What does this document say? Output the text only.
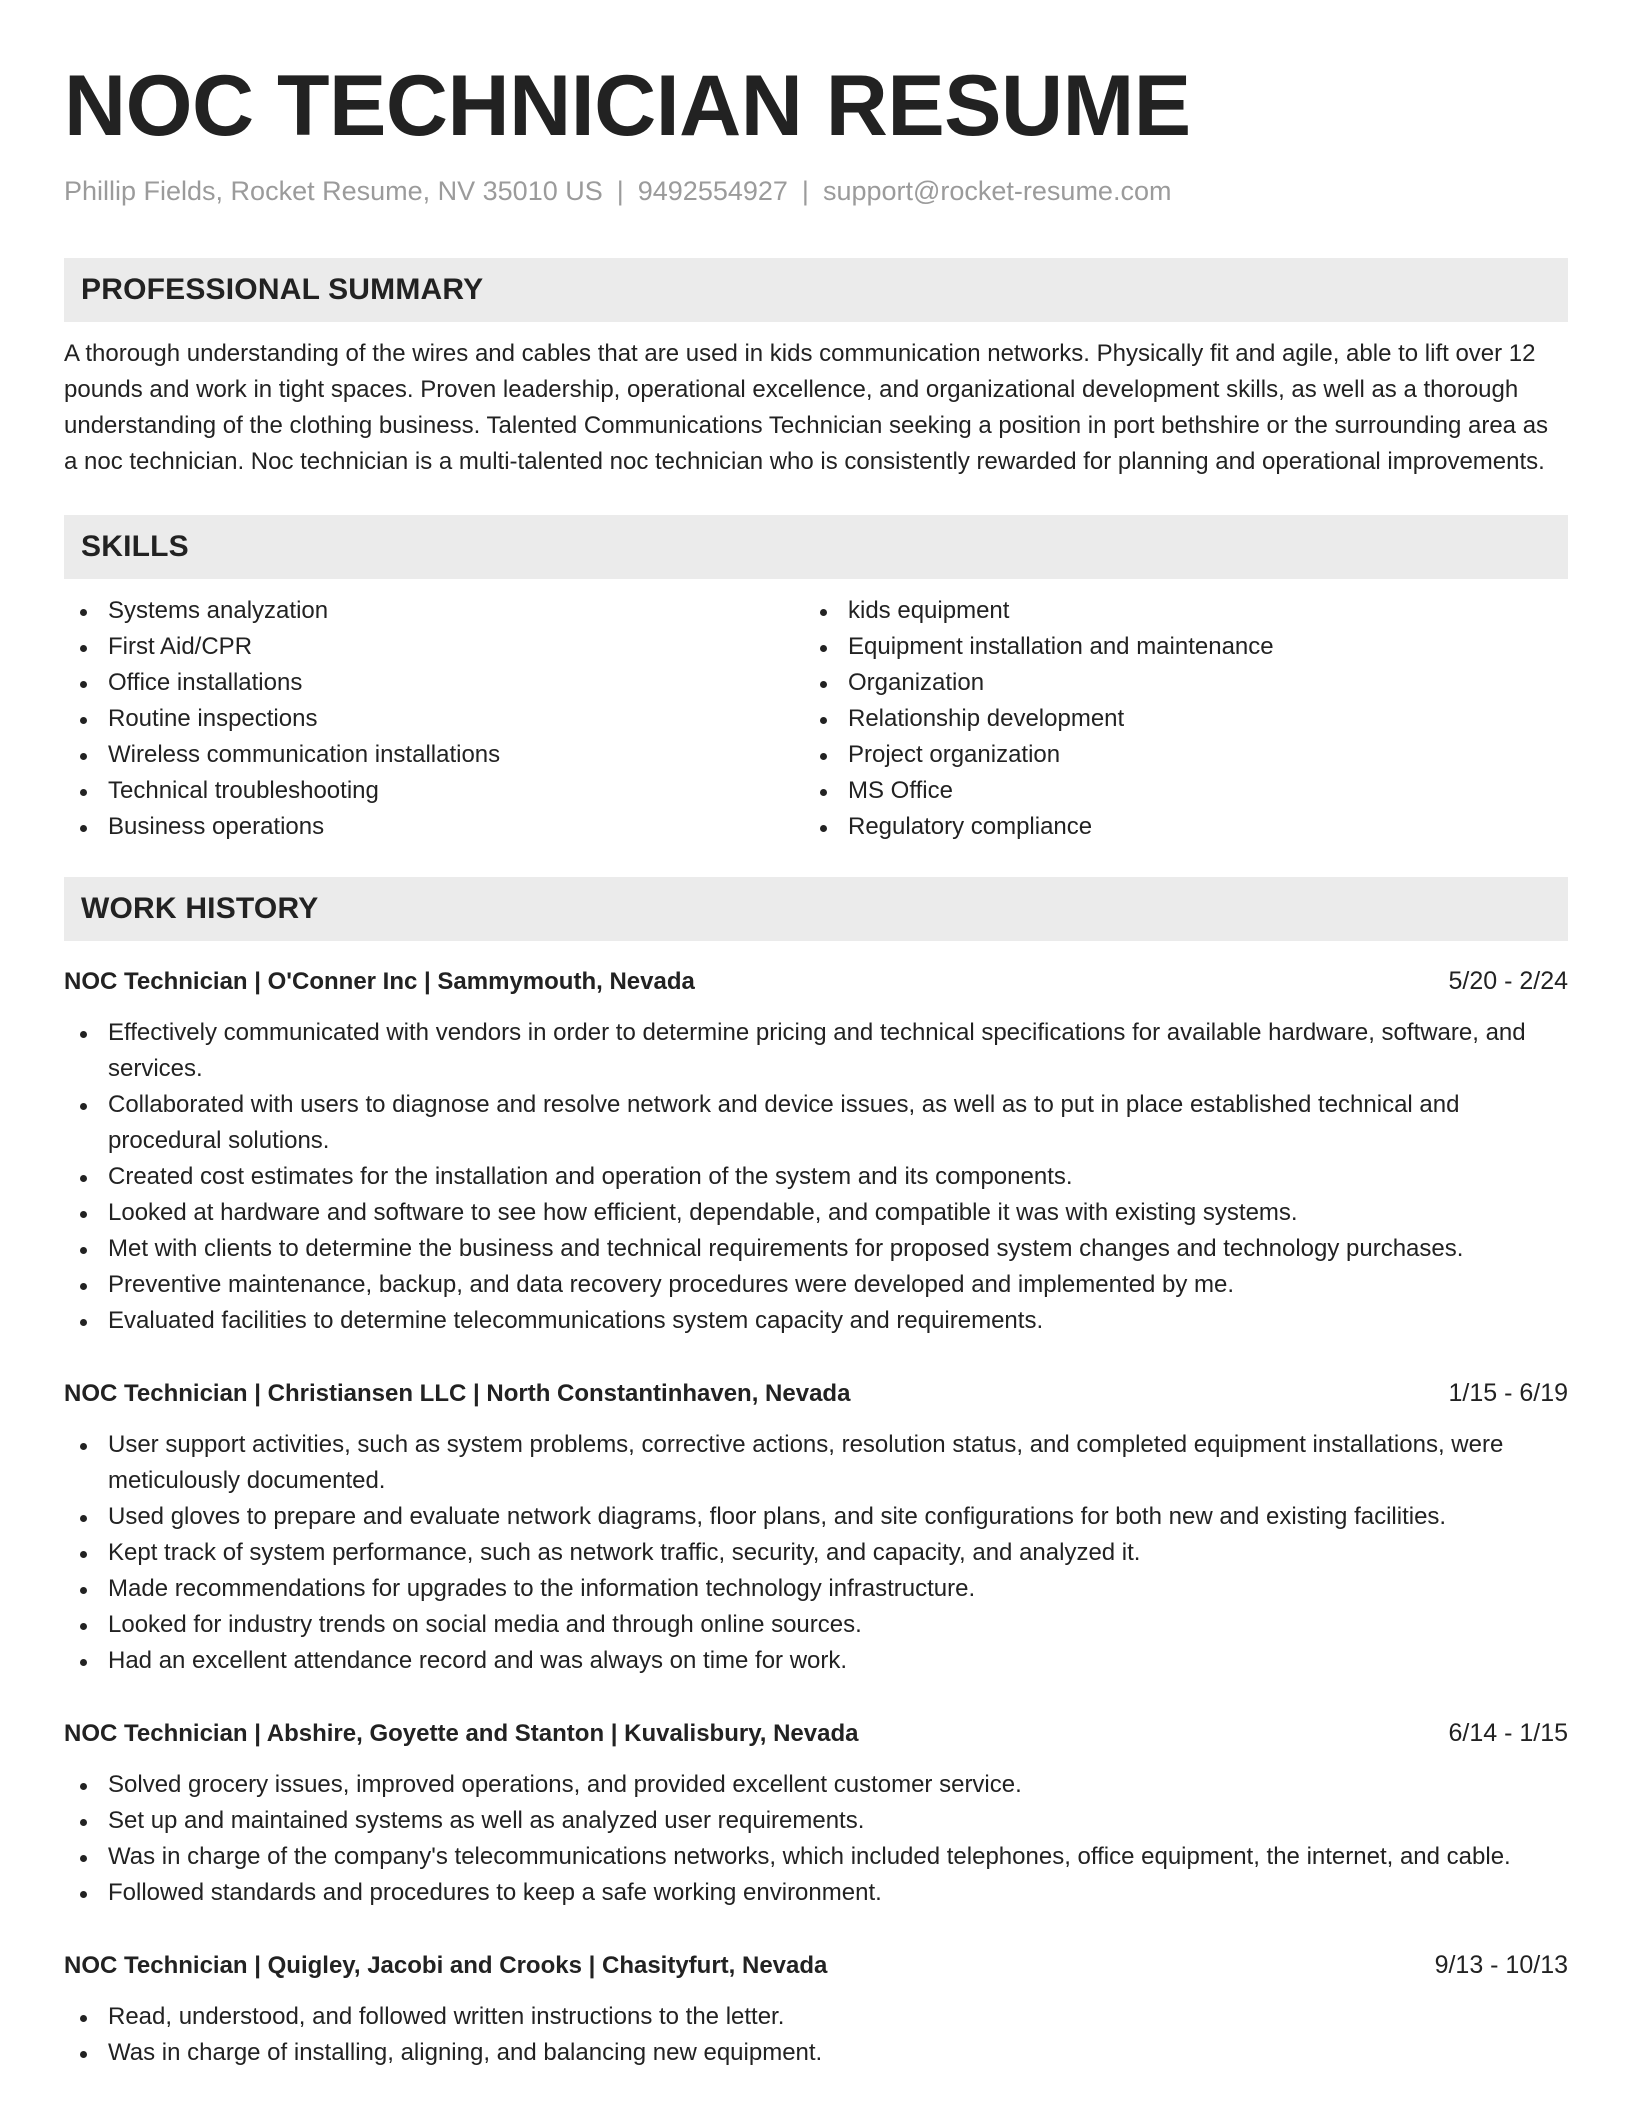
NOC TECHNICIAN RESUME
Phillip Fields, Rocket Resume, NV 35010 US | 9492554927 | support@rocket-resume.com
PROFESSIONAL SUMMARY
A thorough understanding of the wires and cables that are used in kids communication networks. Physically fit and agile, able to lift over 12 pounds and work in tight spaces. Proven leadership, operational excellence, and organizational development skills, as well as a thorough understanding of the clothing business. Talented Communications Technician seeking a position in port bethshire or the surrounding area as a noc technician. Noc technician is a multi-talented noc technician who is consistently rewarded for planning and operational improvements.
SKILLS
Systems analyzation
First Aid/CPR
Office installations
Routine inspections
Wireless communication installations
Technical troubleshooting
Business operations
kids equipment
Equipment installation and maintenance
Organization
Relationship development
Project organization
MS Office
Regulatory compliance
WORK HISTORY
NOC Technician | O'Conner Inc | Sammymouth, Nevada	5/20 - 2/24
Effectively communicated with vendors in order to determine pricing and technical specifications for available hardware, software, and services.
Collaborated with users to diagnose and resolve network and device issues, as well as to put in place established technical and procedural solutions.
Created cost estimates for the installation and operation of the system and its components.
Looked at hardware and software to see how efficient, dependable, and compatible it was with existing systems.
Met with clients to determine the business and technical requirements for proposed system changes and technology purchases.
Preventive maintenance, backup, and data recovery procedures were developed and implemented by me.
Evaluated facilities to determine telecommunications system capacity and requirements.
NOC Technician | Christiansen LLC | North Constantinhaven, Nevada	1/15 - 6/19
User support activities, such as system problems, corrective actions, resolution status, and completed equipment installations, were meticulously documented.
Used gloves to prepare and evaluate network diagrams, floor plans, and site configurations for both new and existing facilities.
Kept track of system performance, such as network traffic, security, and capacity, and analyzed it.
Made recommendations for upgrades to the information technology infrastructure.
Looked for industry trends on social media and through online sources.
Had an excellent attendance record and was always on time for work.
NOC Technician | Abshire, Goyette and Stanton | Kuvalisbury, Nevada	6/14 - 1/15
Solved grocery issues, improved operations, and provided excellent customer service.
Set up and maintained systems as well as analyzed user requirements.
Was in charge of the company's telecommunications networks, which included telephones, office equipment, the internet, and cable.
Followed standards and procedures to keep a safe working environment.
NOC Technician | Quigley, Jacobi and Crooks | Chasityfurt, Nevada	9/13 - 10/13
Read, understood, and followed written instructions to the letter.
Was in charge of installing, aligning, and balancing new equipment.
